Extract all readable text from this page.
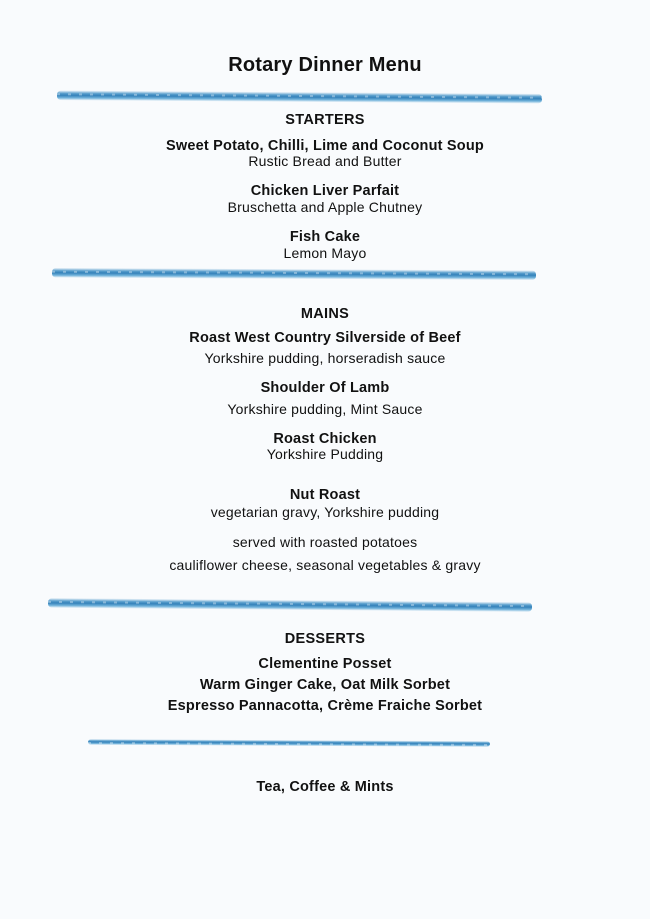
Rotary Dinner Menu
STARTERS
Sweet Potato, Chilli, Lime and Coconut Soup
Rustic Bread and Butter
Chicken Liver Parfait
Bruschetta and Apple Chutney
Fish Cake
Lemon Mayo
MAINS
Roast West Country Silverside of Beef
Yorkshire pudding, horseradish sauce
Shoulder Of Lamb
Yorkshire pudding, Mint Sauce
Roast Chicken
Yorkshire Pudding
Nut Roast
vegetarian gravy, Yorkshire pudding
served with roasted potatoes
cauliflower cheese, seasonal vegetables & gravy
DESSERTS
Clementine Posset
Warm Ginger Cake, Oat Milk Sorbet
Espresso Pannacotta, Crème Fraiche Sorbet
Tea, Coffee & Mints
